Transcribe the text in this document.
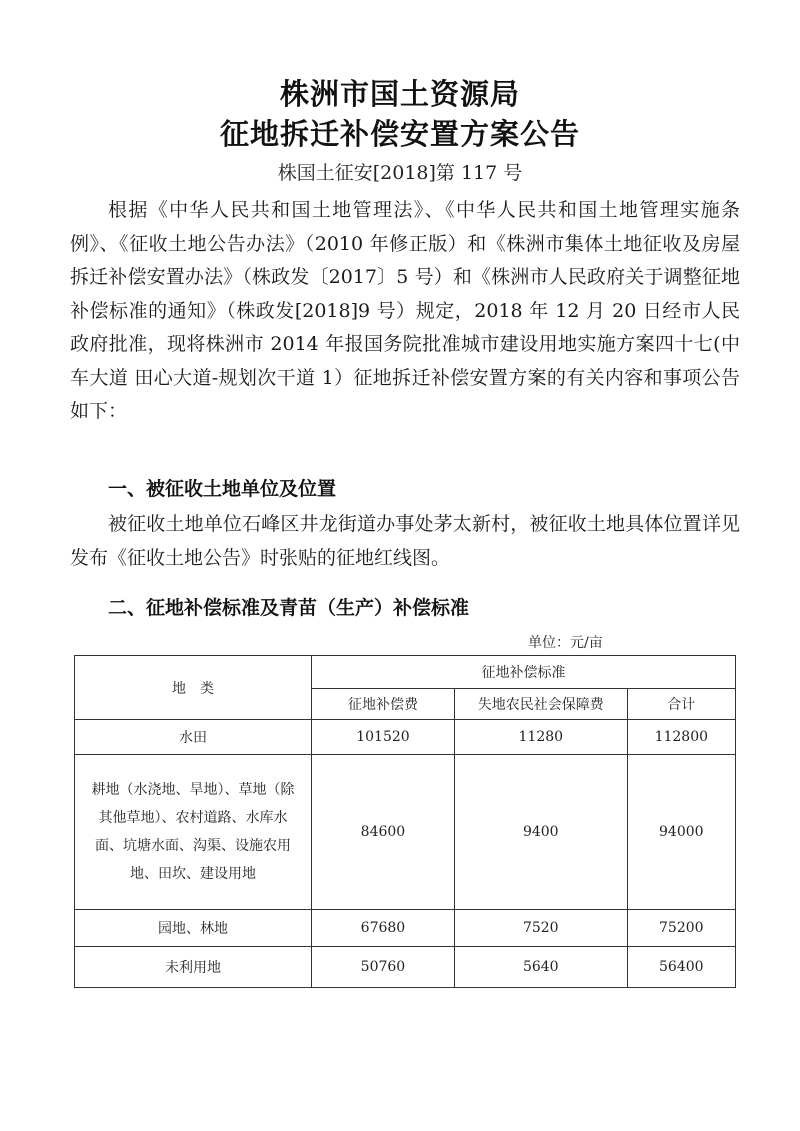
株洲市国土资源局
征地拆迁补偿安置方案公告
株国土征安[2018]第 117 号
根据《中华人民共和国土地管理法》、《中华人民共和国土地管理实施条例》、《征收土地公告办法》（2010 年修正版）和《株洲市集体土地征收及房屋拆迁补偿安置办法》（株政发〔2017〕5 号）和《株洲市人民政府关于调整征地补偿标准的通知》（株政发[2018]9 号）规定，2018 年 12 月 20 日经市人民政府批准，现将株洲市 2014 年报国务院批准城市建设用地实施方案四十七(中车大道 田心大道-规划次干道 1）征地拆迁补偿安置方案的有关内容和事项公告如下：
一、被征收土地单位及位置
被征收土地单位石峰区井龙街道办事处茅太新村，被征收土地具体位置详见发布《征收土地公告》时张贴的征地红线图。
二、征地补偿标准及青苗（生产）补偿标准
单位：元/亩
地　类	征地补偿标准		
	征地补偿费	失地农民社会保障费	合计
水田	101520	11280	112800

耕地（水浇地、旱地）、草地（除
其他草地）、农村道路、水库水
面、坑塘水面、沟渠、设施农用
地、田坎、建设用地	84600	9400	94000
园地、林地	67680	7520	75200
未利用地	50760	5640	56400
